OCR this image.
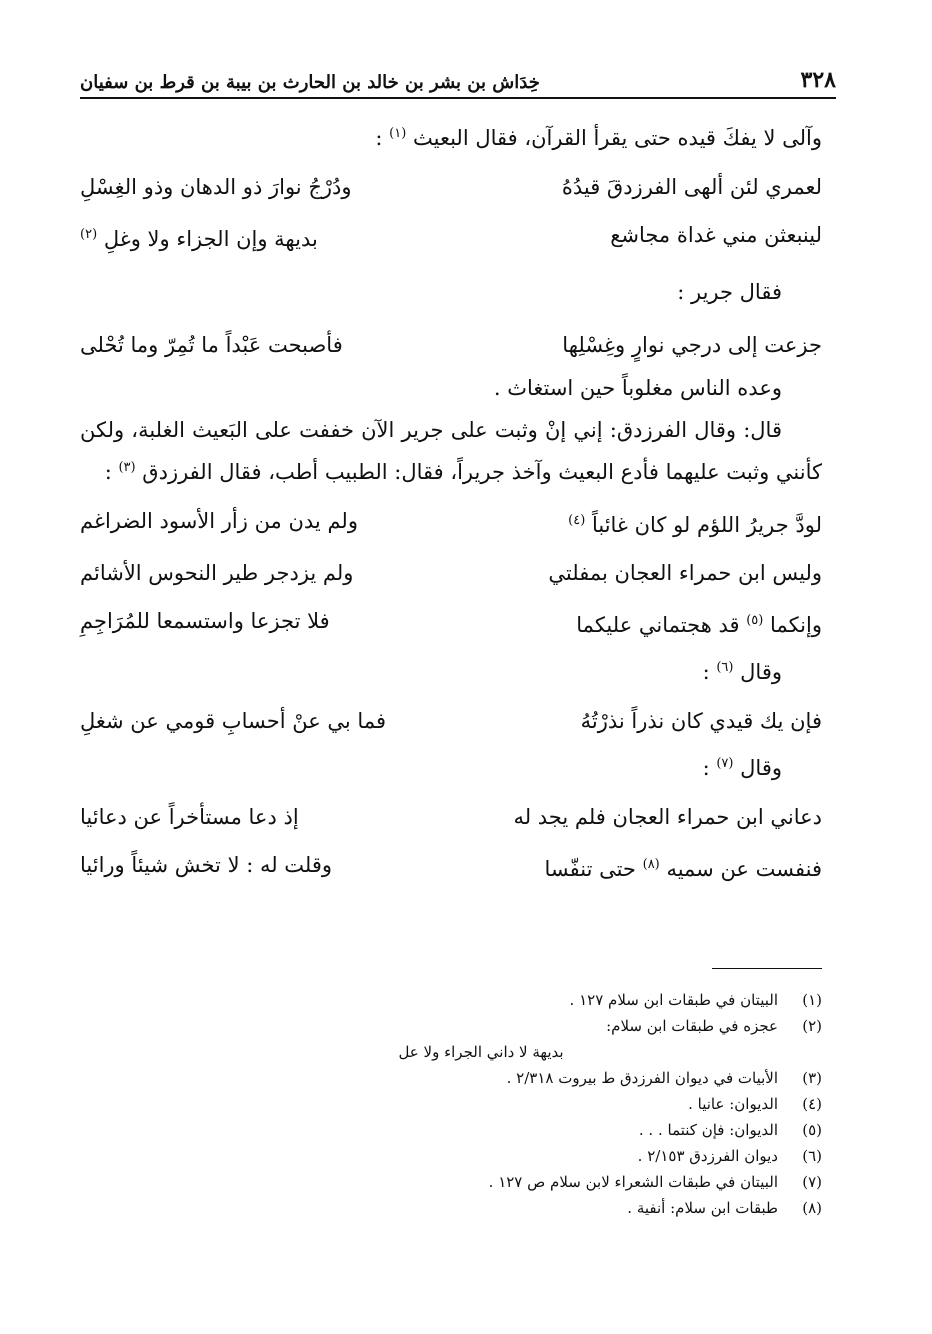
٣٢٨
خِدَاش بن بشر بن خالد بن الحارث بن بيبة بن قرط بن سفيان

وآلى لا يفكَ قيده حتى يقرأ القرآن، فقال البعيث $^{(١)}$ :

لعمري لئن ألهى الفرزدقَ قيدُهُ
ودُرْجُ نوارَ ذو الدهان وذو الغِسْلِ
لينبعثن مني غداة مجاشع
بديهة وإن الجزاء ولا وغلِ $^{(٢)}$

فقال جرير :

جزعت إلى درجي نوارٍ وغِسْلِها
فأصبحت عَبْداً ما تُمِرّ وما تُحْلى

وعده الناس مغلوباً حين استغاث .

قال: وقال الفرزدق: إني إنْ وثبت على جرير الآن خففت على البَعيث الغلبة، ولكن كأنني وثبت عليهما فأدع البعيث وآخذ جريراً، فقال: الطبيب أطب، فقال الفرزدق $^{(٣)}$ :

لودَّ جريرُ اللؤم لو كان غائباً $^{(٤)}$
ولم يدن من زأر الأسود الضراغم
وليس ابن حمراء العجان بمفلتي
ولم يزدجر طير النحوس الأشائم
وإنكما $^{(٥)}$ قد هجتماني عليكما
فلا تجزعا واستسمعا للمُرَاجِمِ

وقال $^{(٦)}$ :

فإن يك قيدي كان نذراً نذرْتُهُ
فما بي عنْ أحسابِ قومي عن شغلِ

وقال $^{(٧)}$ :

دعاني ابن حمراء العجان فلم يجد له
إذ دعا مستأخراً عن دعائيا
فنفست عن سميه $^{(٨)}$ حتى تنفّسا
وقلت له : لا تخش شيئاً ورائيا
(١)
البيتان في طبقات ابن سلام ١٢٧ .
(٢)
عجزه في طبقات ابن سلام:
بديهة لا داني الجراء ولا عل
(٣)
الأبيات في ديوان الفرزدق ط بيروت ٢/٣١٨ .
(٤)
الديوان: عانيا .
(٥)
الديوان: فإن كنتما . . .
(٦)
ديوان الفرزدق ٢/١٥٣ .
(٧)
البيتان في طبقات الشعراء لابن سلام ص ١٢٧ .
(٨)
طبقات ابن سلام: أنفية .
